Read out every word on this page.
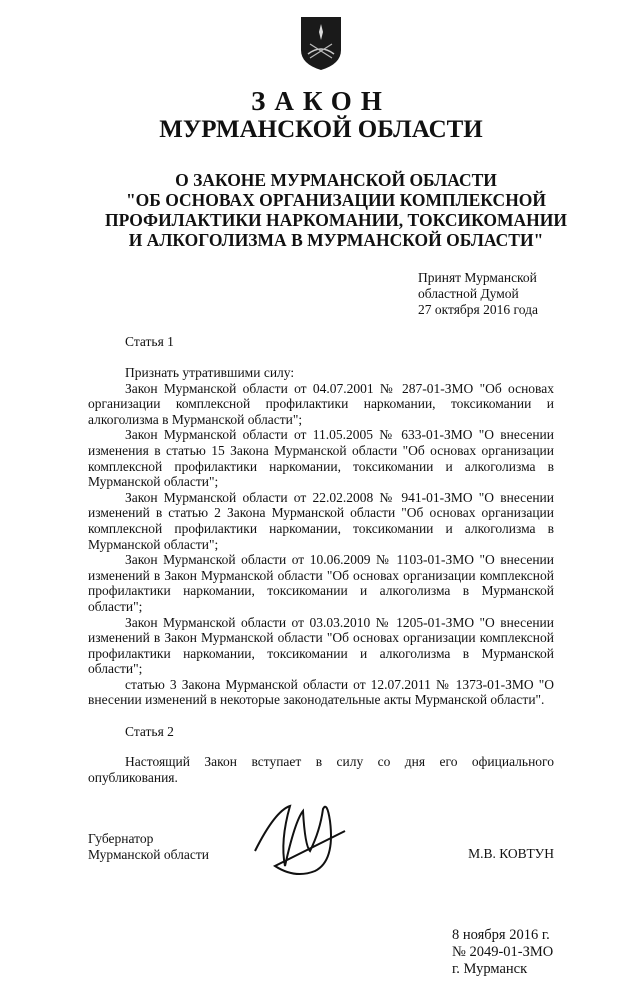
ЗАКОН
МУРМАНСКОЙ ОБЛАСТИ
О ЗАКОНЕ МУРМАНСКОЙ ОБЛАСТИ
"ОБ ОСНОВАХ ОРГАНИЗАЦИИ КОМПЛЕКСНОЙ
ПРОФИЛАКТИКИ НАРКОМАНИИ, ТОКСИКОМАНИИ
И АЛКОГОЛИЗМА В МУРМАНСКОЙ ОБЛАСТИ"
Принят Мурманской
областной Думой
27 октября 2016 года
Статья 1

Признать утратившими силу:

Закон Мурманской области от 04.07.2001 № 287-01-ЗМО "Об основах организации комплексной профилактики наркомании, токсикомании и алкоголизма в Мурманской области";

Закон Мурманской области от 11.05.2005 № 633-01-ЗМО "О внесении изменения в статью 15 Закона Мурманской области "Об основах организации комплексной профилактики наркомании, токсикомании и алкоголизма в Мурманской области";

Закон Мурманской области от 22.02.2008 № 941-01-ЗМО "О внесении изменений в статью 2 Закона Мурманской области "Об основах организации комплексной профилактики наркомании, токсикомании и алкоголизма в Мурманской области";

Закон Мурманской области от 10.06.2009 № 1103-01-ЗМО "О внесении изменений в Закон Мурманской области "Об основах организации комплексной профилактики наркомании, токсикомании и алкоголизма в Мурманской области";

Закон Мурманской области от 03.03.2010 № 1205-01-ЗМО "О внесении изменений в Закон Мурманской области "Об основах организации комплексной профилактики наркомании, токсикомании и алкоголизма в Мурманской области";

статью 3 Закона Мурманской области от 12.07.2011 № 1373-01-ЗМО "О внесении изменений в некоторые законодательные акты Мурманской области".

Статья 2

Настоящий Закон вступает в силу со дня его официального опубликования.

Губернатор
Мурманской области	М.В. КОВТУН
8 ноября 2016 г.
№ 2049-01-ЗМО
г. Мурманск
